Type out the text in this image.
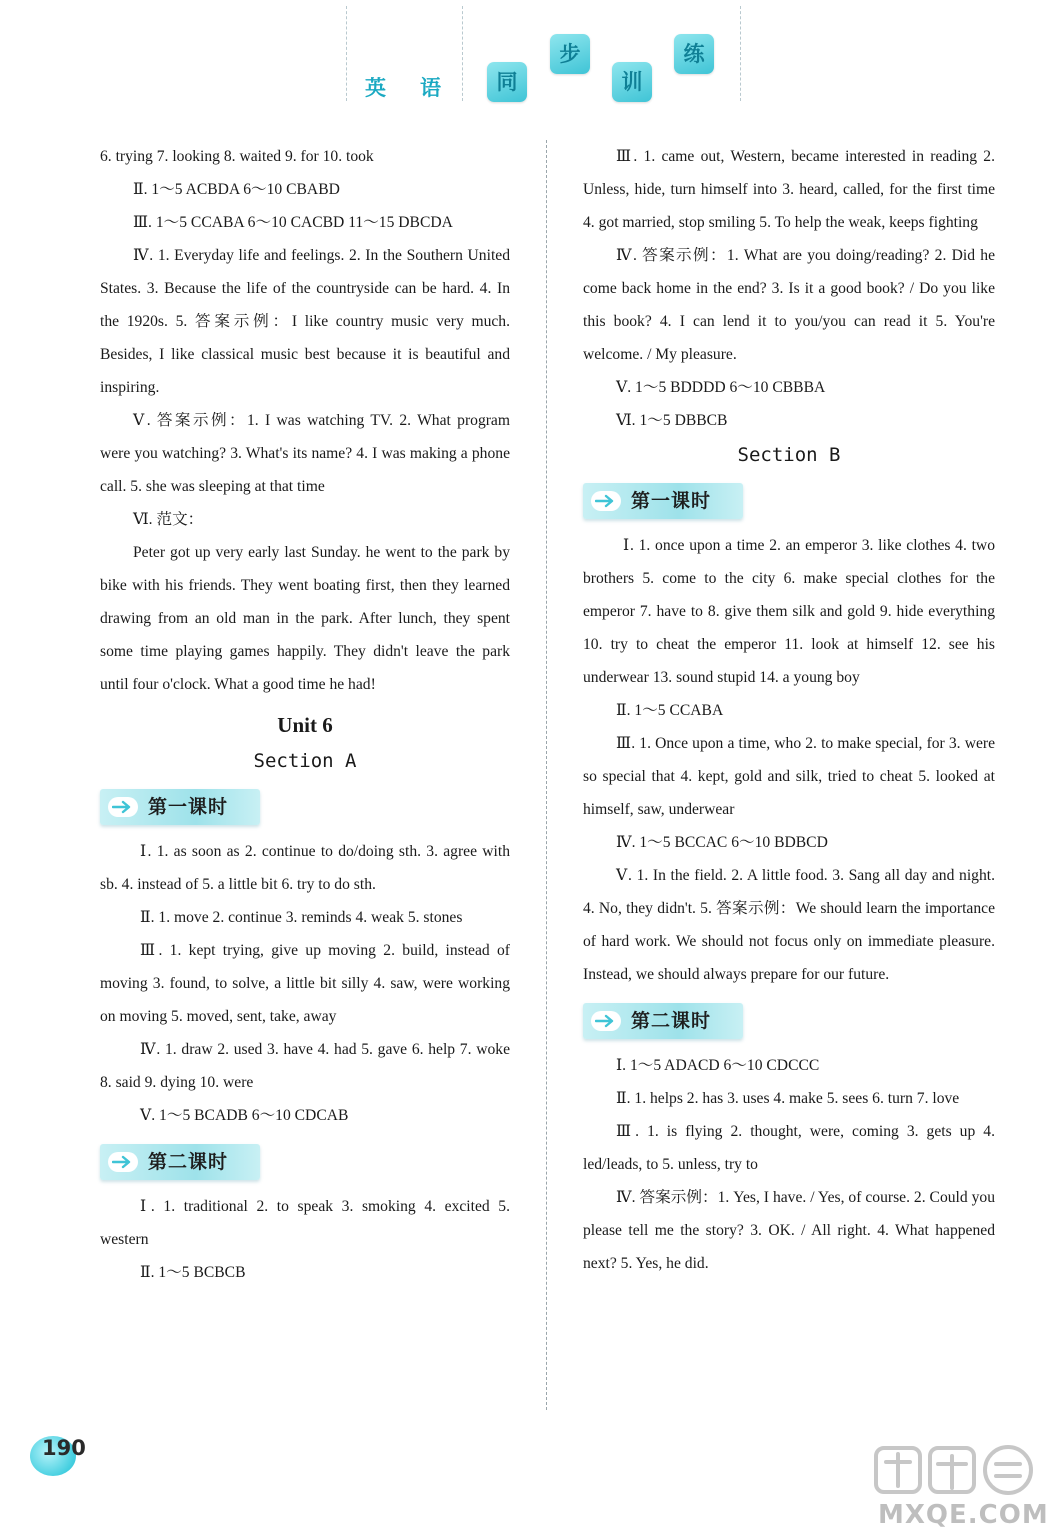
英 语	同
步
训
练

6. trying 7. looking 8. waited 9. for 10. took

Ⅱ. 1～5 ACBDA 6～10 CBABD

Ⅲ. 1～5 CCABA 6～10 CACBD 11～15 DBCDA

Ⅳ. 1. Everyday life and feelings. 2. In the Southern United States. 3. Because the life of the countryside can be hard. 4. In the 1920s. 5. 答案示例：I like country music very much. Besides, I like classical music best because it is beautiful and inspiring.

Ⅴ. 答案示例：1. I was watching TV. 2. What program were you watching? 3. What's its name? 4. I was making a phone call. 5. she was sleeping at that time

Ⅵ. 范文：

Peter got up very early last Sunday. he went to the park by bike with his friends. They went boating first, then they learned drawing from an old man in the park. After lunch, they spent some time playing games happily. They didn't leave the park until four o'clock. What a good time he had!

Unit 6
Section A
第一课时

Ⅰ. 1. as soon as 2. continue to do/doing sth. 3. agree with sb. 4. instead of 5. a little bit 6. try to do sth.

Ⅱ. 1. move 2. continue 3. reminds 4. weak 5. stones

Ⅲ. 1. kept trying, give up moving 2. build, instead of moving 3. found, to solve, a little bit silly 4. saw, were working on moving 5. moved, sent, take, away

Ⅳ. 1. draw 2. used 3. have 4. had 5. gave 6. help 7. woke 8. said 9. dying 10. were

Ⅴ. 1～5 BCADB 6～10 CDCAB

第二课时

Ⅰ. 1. traditional 2. to speak 3. smoking 4. excited 5. western

Ⅱ. 1～5 BCBCB

Ⅲ. 1. came out, Western, became interested in reading 2. Unless, hide, turn himself into 3. heard, called, for the first time 4. got married, stop smiling 5. To help the weak, keeps fighting

Ⅳ. 答案示例：1. What are you doing/reading? 2. Did he come back home in the end? 3. Is it a good book? / Do you like this book? 4. I can lend it to you/you can read it 5. You're welcome. / My pleasure.

Ⅴ. 1～5 BDDDD 6～10 CBBBA

Ⅵ. 1～5 DBBCB

Section B
第一课时

Ⅰ. 1. once upon a time 2. an emperor 3. like clothes 4. two brothers 5. come to the city 6. make special clothes for the emperor 7. have to 8. give them silk and gold 9. hide everything 10. try to cheat the emperor 11. look at himself 12. see his underwear 13. sound stupid 14. a young boy

Ⅱ. 1～5 CCABA

Ⅲ. 1. Once upon a time, who 2. to make special, for 3. were so special that 4. kept, gold and silk, tried to cheat 5. looked at himself, saw, underwear

Ⅳ. 1～5 BCCAC 6～10 BDBCD

Ⅴ. 1. In the field. 2. A little food. 3. Sang all day and night. 4. No, they didn't. 5. 答案示例：We should learn the importance of hard work. We should not focus only on immediate pleasure. Instead, we should always prepare for our future.

第二课时

Ⅰ. 1～5 ADACD 6～10 CDCCC

Ⅱ. 1. helps 2. has 3. uses 4. make 5. sees 6. turn 7. love

Ⅲ. 1. is flying 2. thought, were, coming 3. gets up 4. led/leads, to 5. unless, try to

Ⅳ. 答案示例：1. Yes, I have. / Yes, of course. 2. Could you please tell me the story? 3. OK. / All right. 4. What happened next? 5. Yes, he did.

190
MXQE.COM
